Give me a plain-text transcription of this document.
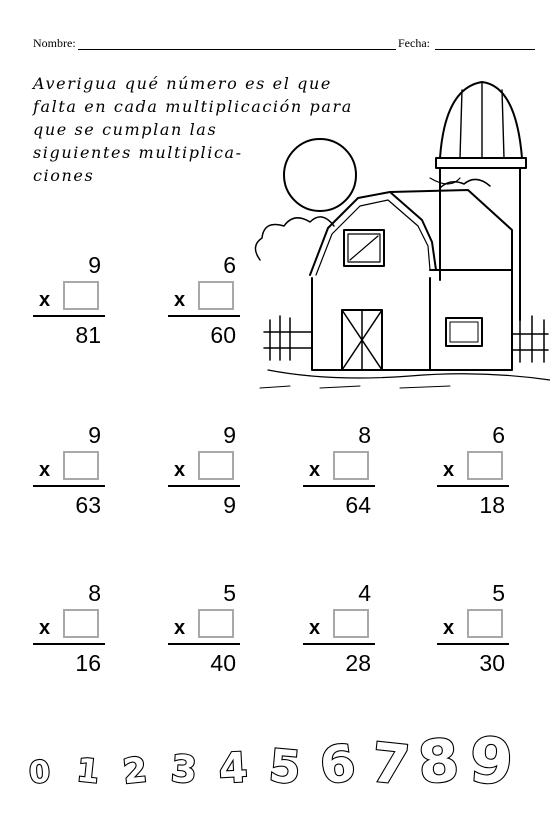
Nombre:	Fecha:
Averigua qué número es el que
falta en cada multiplicación para
que se cumplan las
siguientes multiplica-
ciones
9
x
81
6
x
60
9
x
63
9
x
9
8
x
64
6
x
18
8
x
16
5
x
40
4
x
28
5
x
30
0 1 2 3 4 5 6 7 8 9
